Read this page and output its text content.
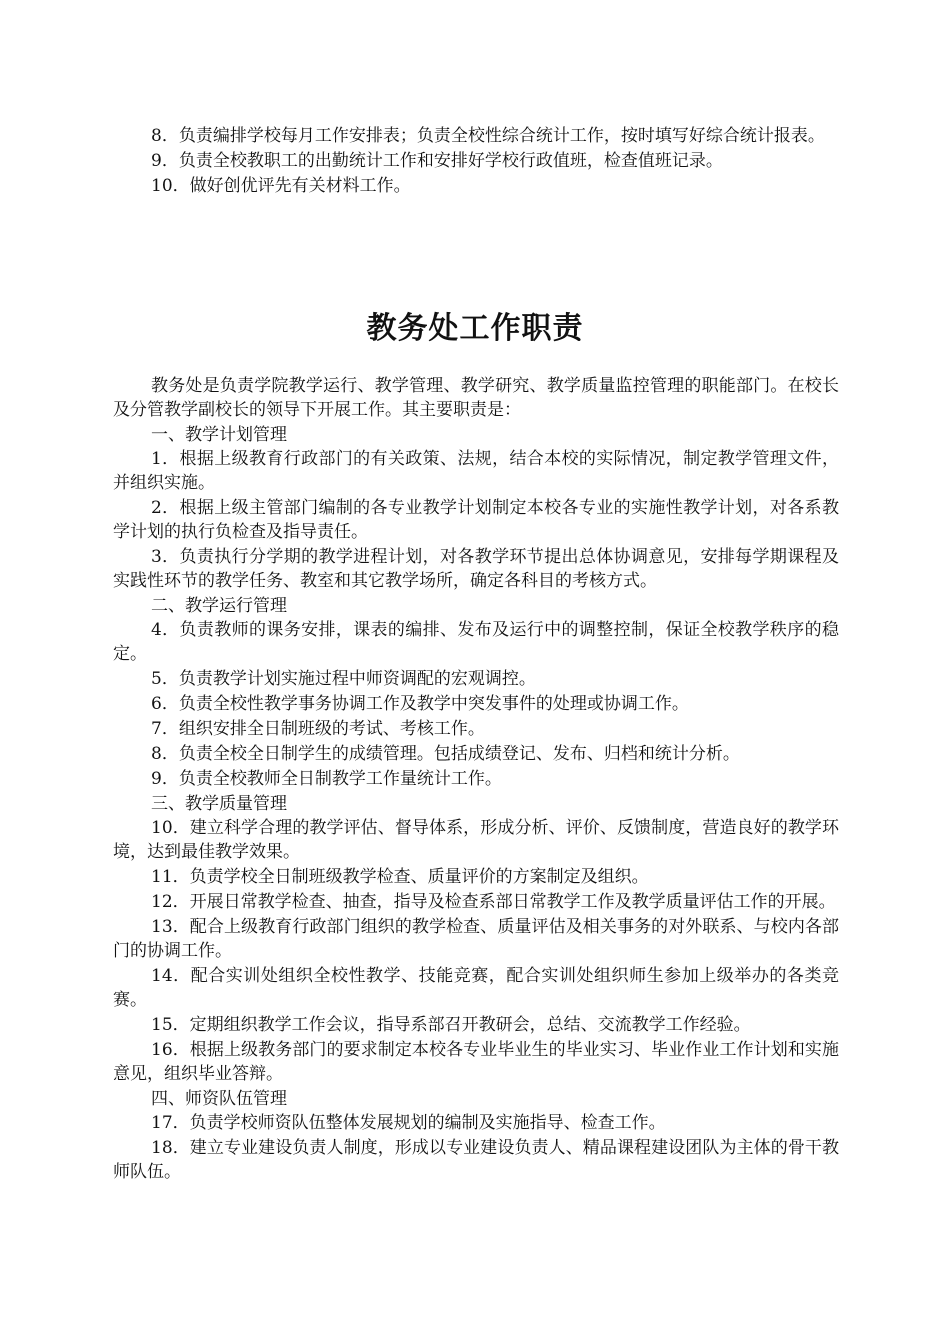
8．负责编排学校每月工作安排表；负责全校性综合统计工作，按时填写好综合统计报表。

9．负责全校教职工的出勤统计工作和安排好学校行政值班，检查值班记录。

10．做好创优评先有关材料工作。

教务处工作职责

教务处是负责学院教学运行、教学管理、教学研究、教学质量监控管理的职能部门。在校长及分管教学副校长的领导下开展工作。其主要职责是：

一、教学计划管理

1．根据上级教育行政部门的有关政策、法规，结合本校的实际情况，制定教学管理文件，并组织实施。

2．根据上级主管部门编制的各专业教学计划制定本校各专业的实施性教学计划，对各系教学计划的执行负检查及指导责任。

3．负责执行分学期的教学进程计划，对各教学环节提出总体协调意见，安排每学期课程及实践性环节的教学任务、教室和其它教学场所，确定各科目的考核方式。

二、教学运行管理

4．负责教师的课务安排，课表的编排、发布及运行中的调整控制，保证全校教学秩序的稳定。

5．负责教学计划实施过程中师资调配的宏观调控。

6．负责全校性教学事务协调工作及教学中突发事件的处理或协调工作。

7．组织安排全日制班级的考试、考核工作。

8．负责全校全日制学生的成绩管理。包括成绩登记、发布、归档和统计分析。

9．负责全校教师全日制教学工作量统计工作。

三、教学质量管理

10．建立科学合理的教学评估、督导体系，形成分析、评价、反馈制度，营造良好的教学环境，达到最佳教学效果。

11．负责学校全日制班级教学检查、质量评价的方案制定及组织。

12．开展日常教学检查、抽查，指导及检查系部日常教学工作及教学质量评估工作的开展。

13．配合上级教育行政部门组织的教学检查、质量评估及相关事务的对外联系、与校内各部门的协调工作。

14．配合实训处组织全校性教学、技能竞赛，配合实训处组织师生参加上级举办的各类竞赛。

15．定期组织教学工作会议，指导系部召开教研会，总结、交流教学工作经验。

16．根据上级教务部门的要求制定本校各专业毕业生的毕业实习、毕业作业工作计划和实施意见，组织毕业答辩。

四、师资队伍管理

17．负责学校师资队伍整体发展规划的编制及实施指导、检查工作。

18．建立专业建设负责人制度，形成以专业建设负责人、精品课程建设团队为主体的骨干教师队伍。
